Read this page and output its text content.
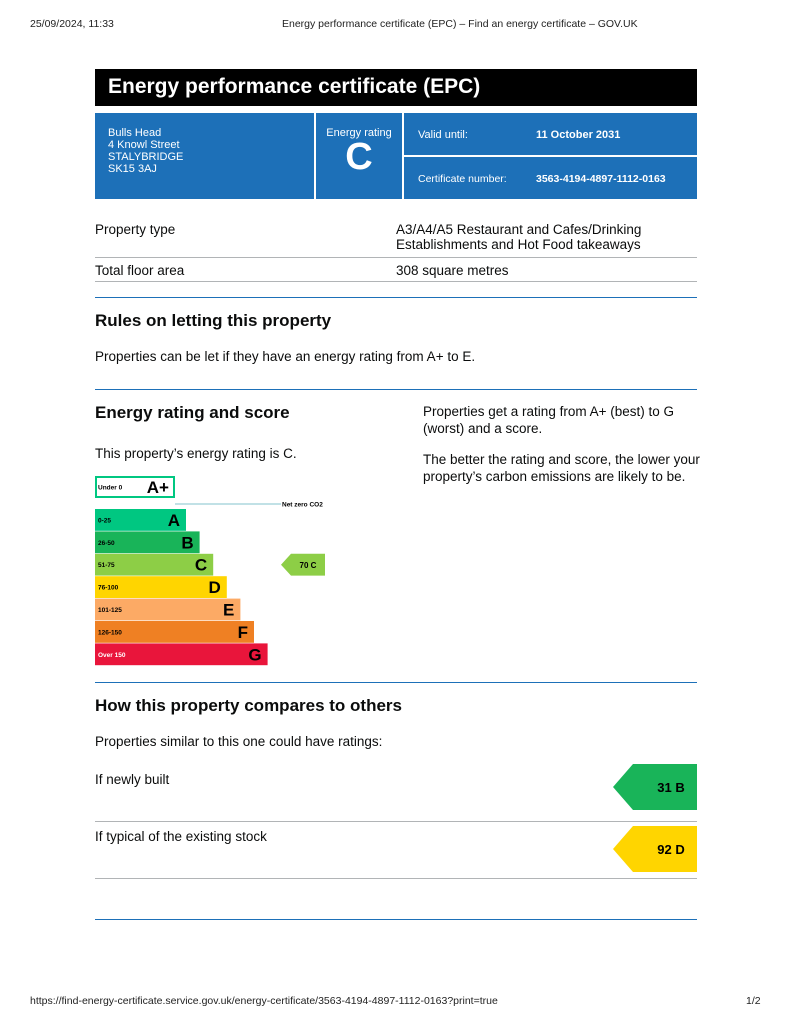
25/09/2024, 11:33	Energy performance certificate (EPC) – Find an energy certificate – GOV.UK
Energy performance certificate (EPC)
Bulls Head
4 Knowl Street
STALYBRIDGE
SK15 3AJ
Energy rating
C
Valid until:	11 October 2031
Certificate number:	3563-4194-4897-1112-0163
Property type	A3/A4/A5 Restaurant and Cafes/Drinking Establishments and Hot Food takeaways
Total floor area	308 square metres
Rules on letting this property

Properties can be let if they have an energy rating from A+ to E.

Energy rating and score

This property’s energy rating is C.

Properties get a rating from A+ (best) to G (worst) and a score.

The better the rating and score, the lower your property’s carbon emissions are likely to be.

Under 0 A+
0-25	A
26-50	B
51-75	C
76-100	D
101-125	E
126-150	F
Over 150	G
Net zero CO2
70 C
How this property compares to others

Properties similar to this one could have ratings:

If newly built

31 B

If typical of the existing stock

92 D
https://find-energy-certificate.service.gov.uk/energy-certificate/3563-4194-4897-1112-0163?print=true	1/2
